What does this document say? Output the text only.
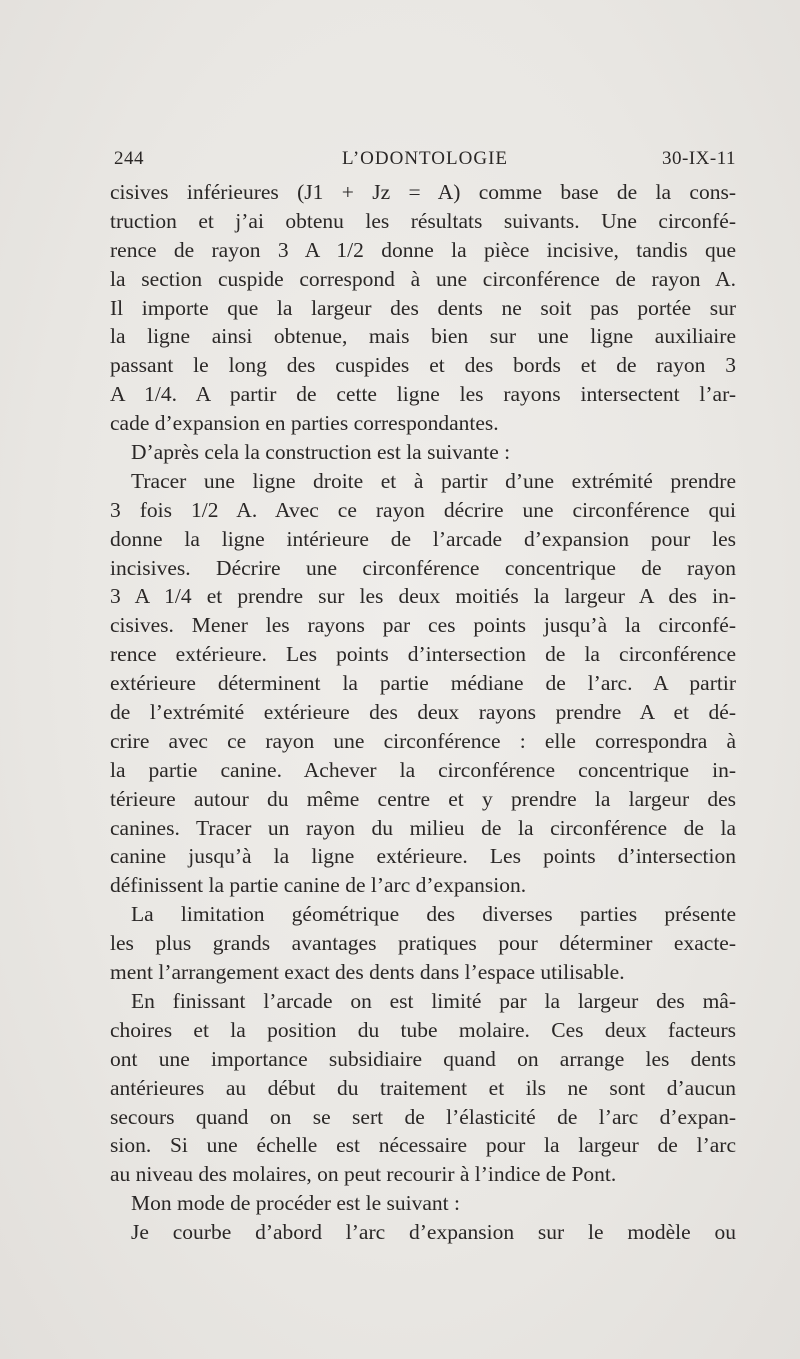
244	L’ODONTOLOGIE	30-IX-11
cisives inférieures (J1 + Jz = A) comme base de la cons-
truction et j’ai obtenu les résultats suivants. Une circonfé-
rence de rayon 3 A 1/2 donne la pièce incisive, tandis que
la section cuspide correspond à une circonférence de rayon A.
Il importe que la largeur des dents ne soit pas portée sur
la ligne ainsi obtenue, mais bien sur une ligne auxiliaire
passant le long des cuspides et des bords et de rayon 3
A 1/4. A partir de cette ligne les rayons intersectent l’ar-
cade d’expansion en parties correspondantes.
D’après cela la construction est la suivante :
Tracer une ligne droite et à partir d’une extrémité prendre
3 fois 1/2 A. Avec ce rayon décrire une circonférence qui
donne la ligne intérieure de l’arcade d’expansion pour les
incisives. Décrire une circonférence concentrique de rayon
3 A 1/4 et prendre sur les deux moitiés la largeur A des in-
cisives. Mener les rayons par ces points jusqu’à la circonfé-
rence extérieure. Les points d’intersection de la circonférence
extérieure déterminent la partie médiane de l’arc. A partir
de l’extrémité extérieure des deux rayons prendre A et dé-
crire avec ce rayon une circonférence : elle correspondra à
la partie canine. Achever la circonférence concentrique in-
térieure autour du même centre et y prendre la largeur des
canines. Tracer un rayon du milieu de la circonférence de la
canine jusqu’à la ligne extérieure. Les points d’intersection
définissent la partie canine de l’arc d’expansion.
La limitation géométrique des diverses parties présente
les plus grands avantages pratiques pour déterminer exacte-
ment l’arrangement exact des dents dans l’espace utilisable.
En finissant l’arcade on est limité par la largeur des mâ-
choires et la position du tube molaire. Ces deux facteurs
ont une importance subsidiaire quand on arrange les dents
antérieures au début du traitement et ils ne sont d’aucun
secours quand on se sert de l’élasticité de l’arc d’expan-
sion. Si une échelle est nécessaire pour la largeur de l’arc
au niveau des molaires, on peut recourir à l’indice de Pont.
Mon mode de procéder est le suivant :
Je courbe d’abord l’arc d’expansion sur le modèle ou
